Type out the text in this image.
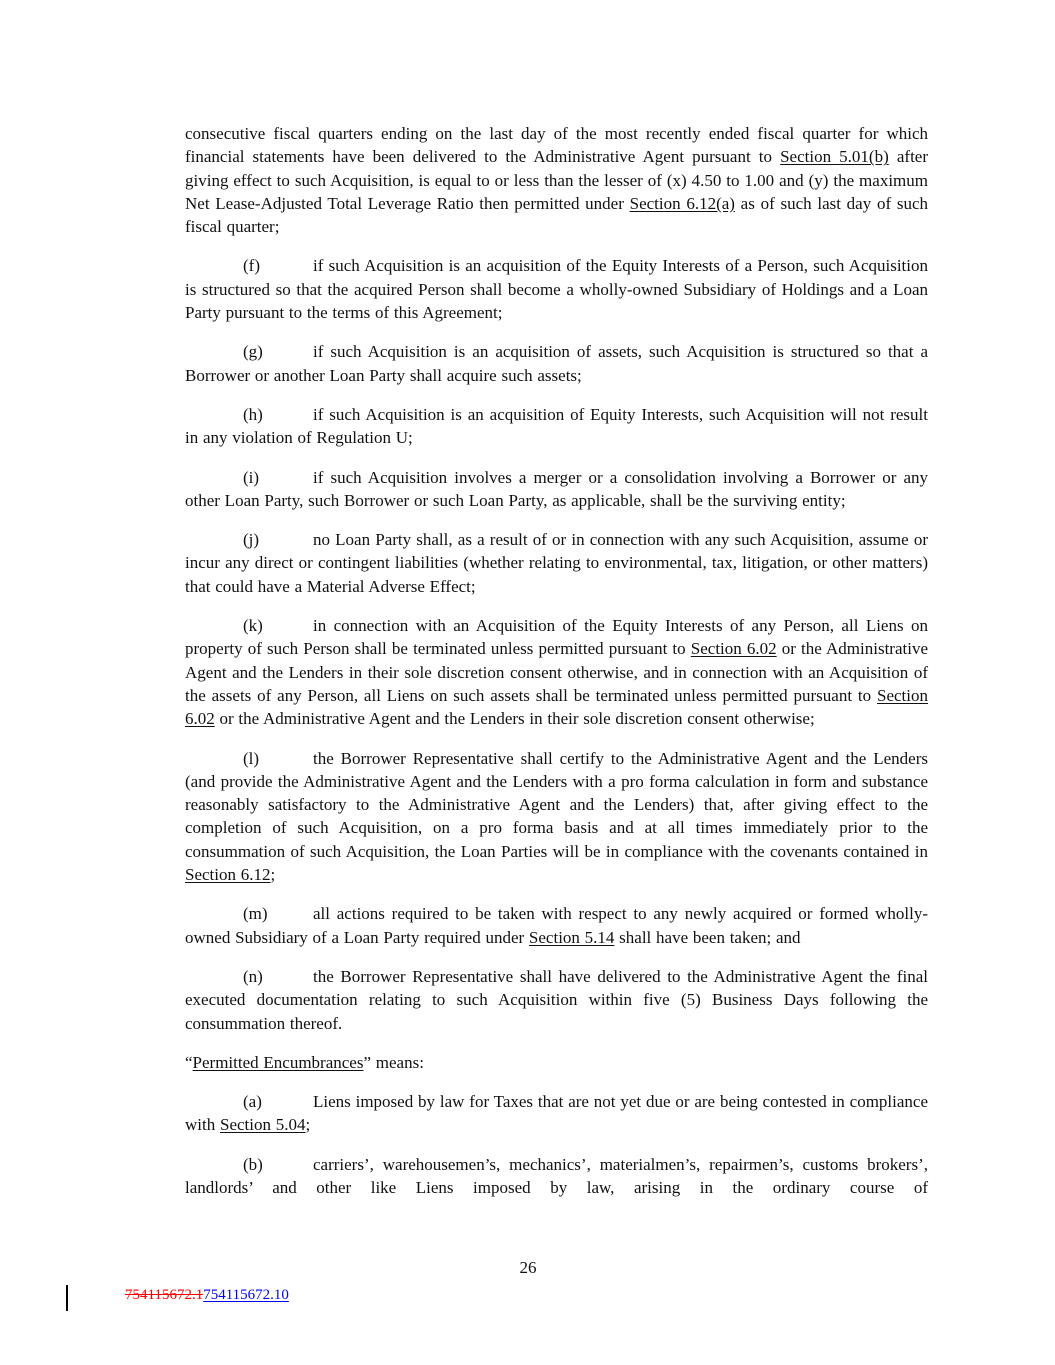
consecutive fiscal quarters ending on the last day of the most recently ended fiscal quarter for which financial statements have been delivered to the Administrative Agent pursuant to Section 5.01(b) after giving effect to such Acquisition, is equal to or less than the lesser of (x) 4.50 to 1.00 and (y) the maximum Net Lease-Adjusted Total Leverage Ratio then permitted under Section 6.12(a) as of such last day of such fiscal quarter;

(f)	if such Acquisition is an acquisition of the Equity Interests of a Person, such Acquisition is structured so that the acquired Person shall become a wholly-owned Subsidiary of Holdings and a Loan Party pursuant to the terms of this Agreement;

(g)	if such Acquisition is an acquisition of assets, such Acquisition is structured so that a Borrower or another Loan Party shall acquire such assets;

(h)	if such Acquisition is an acquisition of Equity Interests, such Acquisition will not result in any violation of Regulation U;

(i)	if such Acquisition involves a merger or a consolidation involving a Borrower or any other Loan Party, such Borrower or such Loan Party, as applicable, shall be the surviving entity;

(j)	no Loan Party shall, as a result of or in connection with any such Acquisition, assume or incur any direct or contingent liabilities (whether relating to environmental, tax, litigation, or other matters) that could have a Material Adverse Effect;

(k)	in connection with an Acquisition of the Equity Interests of any Person, all Liens on property of such Person shall be terminated unless permitted pursuant to Section 6.02 or the Administrative Agent and the Lenders in their sole discretion consent otherwise, and in connection with an Acquisition of the assets of any Person, all Liens on such assets shall be terminated unless permitted pursuant to Section 6.02 or the Administrative Agent and the Lenders in their sole discretion consent otherwise;

(l)	the Borrower Representative shall certify to the Administrative Agent and the Lenders (and provide the Administrative Agent and the Lenders with a pro forma calculation in form and substance reasonably satisfactory to the Administrative Agent and the Lenders) that, after giving effect to the completion of such Acquisition, on a pro forma basis and at all times immediately prior to the consummation of such Acquisition, the Loan Parties will be in compliance with the covenants contained in Section 6.12;

(m)	all actions required to be taken with respect to any newly acquired or formed wholly-owned Subsidiary of a Loan Party required under Section 5.14 shall have been taken; and

(n)	the Borrower Representative shall have delivered to the Administrative Agent the final executed documentation relating to such Acquisition within five (5) Business Days following the consummation thereof.

“Permitted Encumbrances” means:

(a)	Liens imposed by law for Taxes that are not yet due or are being contested in compliance with Section 5.04;

(b)	carriers’, warehousemen’s, mechanics’, materialmen’s, repairmen’s, customs brokers’, landlords’ and other like Liens imposed by law, arising in the ordinary course of

26
754115672.1754115672.10
